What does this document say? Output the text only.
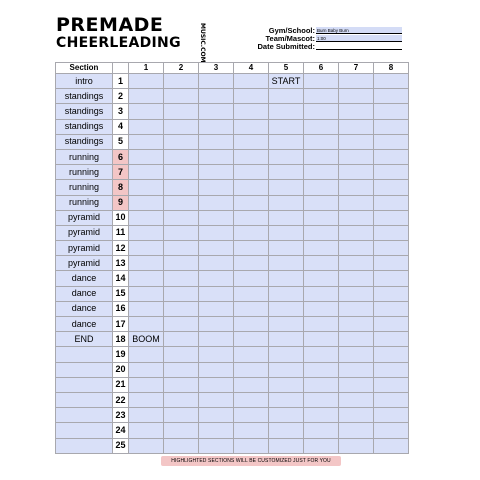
PREMADE
CHEERLEADING	MUSIC.COM	Gym/School: Burn Baby Burn
Team/Mascot: 1:00
Date Submitted:
Section		1	2	3	4	5	6	7	8
intro	1					START			
standings	2								
standings	3								
standings	4								
standings	5								
running	6								
running	7								
running	8								
running	9								
pyramid	10								
pyramid	11								
pyramid	12								
pyramid	13								
dance	14								
dance	15								
dance	16								
dance	17								
END	18	BOOM							
	19								
	20								
	21								
	22								
	23								
	24								
	25								
HIGHLIGHTED SECTIONS WILL BE CUSTOMIZED JUST FOR YOU
